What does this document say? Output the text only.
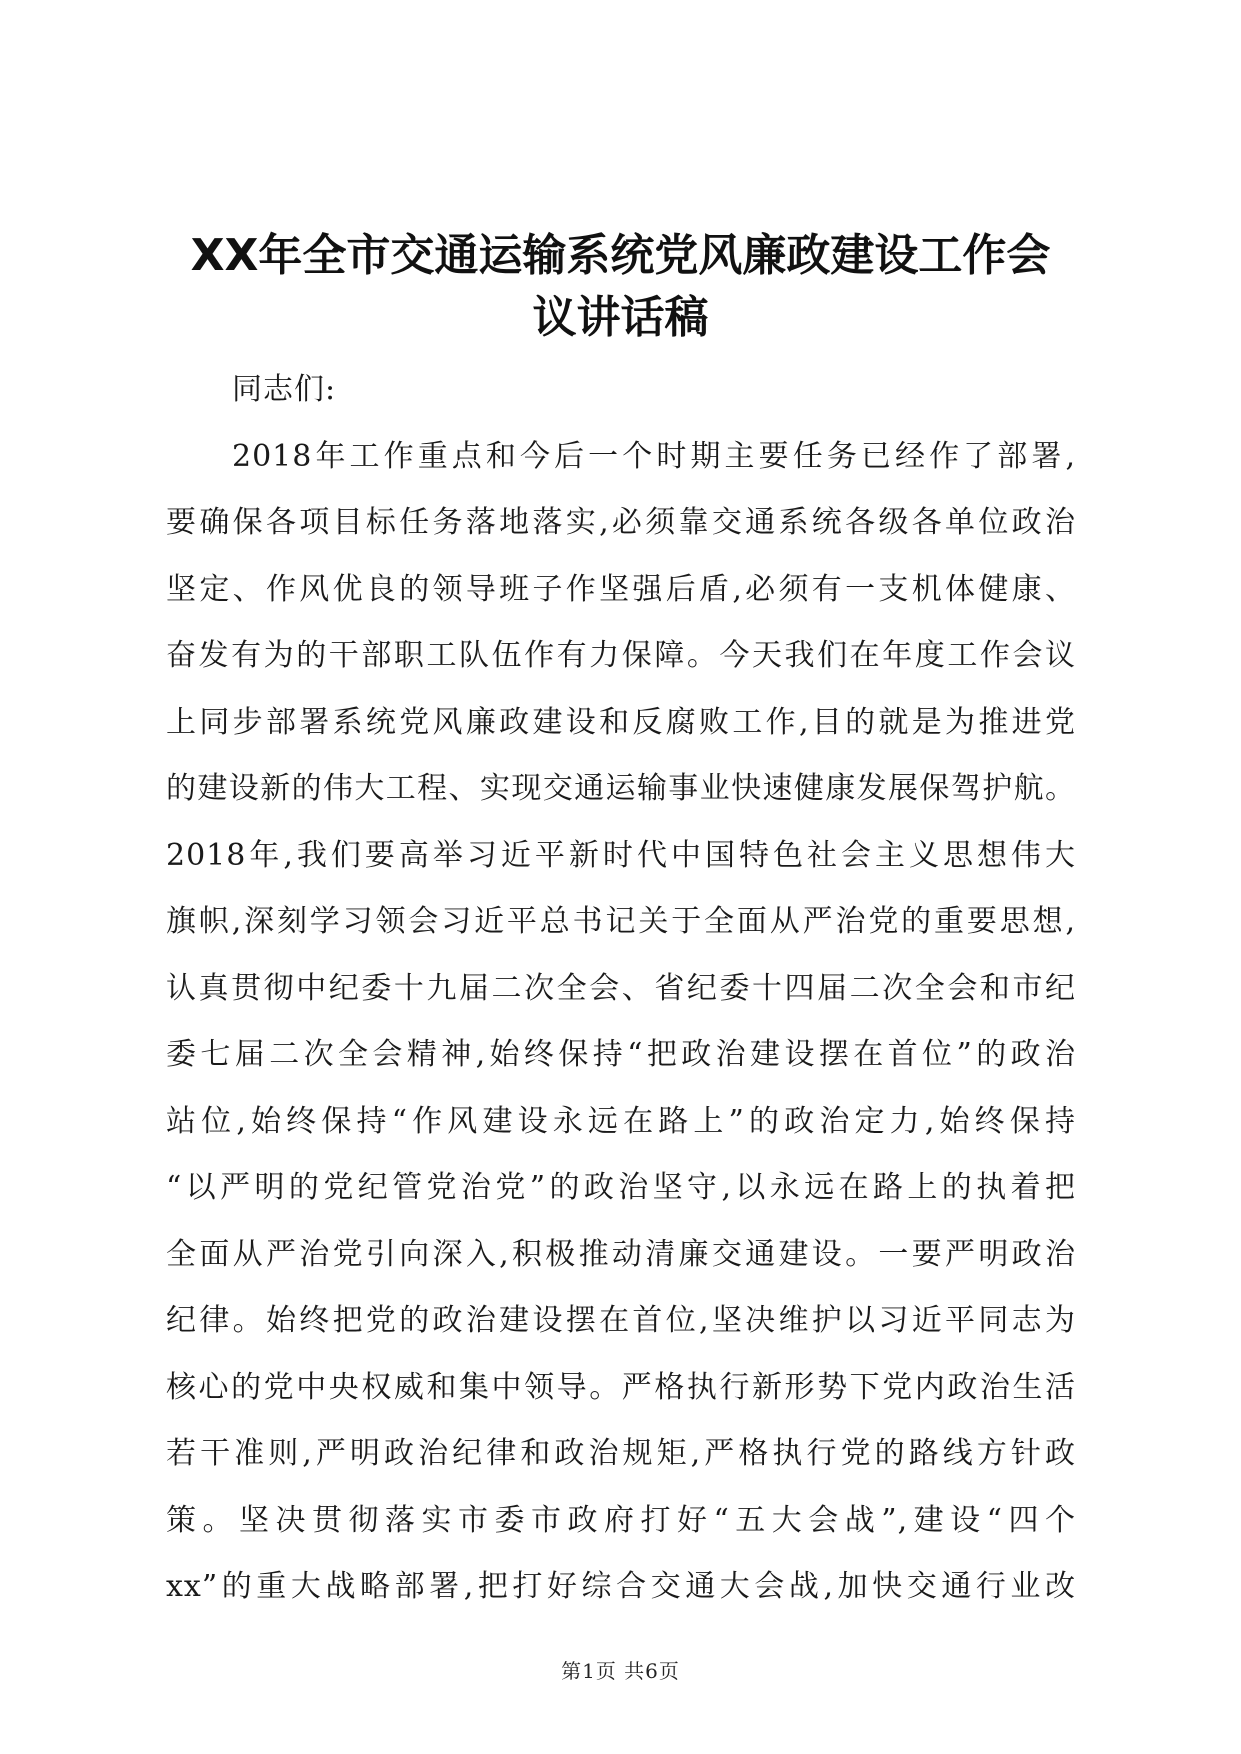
XX年全市交通运输系统党风廉政建设工作会
议讲话稿
同志们:
2018年工作重点和今后一个时期主要任务已经作了部署,
要确保各项目标任务落地落实,必须靠交通系统各级各单位政治
坚定、作风优良的领导班子作坚强后盾,必须有一支机体健康、
奋发有为的干部职工队伍作有力保障。今天我们在年度工作会议
上同步部署系统党风廉政建设和反腐败工作,目的就是为推进党
的建设新的伟大工程、实现交通运输事业快速健康发展保驾护航。
2018年,我们要高举习近平新时代中国特色社会主义思想伟大
旗帜,深刻学习领会习近平总书记关于全面从严治党的重要思想,
认真贯彻中纪委十九届二次全会、省纪委十四届二次全会和市纪
委七届二次全会精神,始终保持“把政治建设摆在首位”的政治
站位,始终保持“作风建设永远在路上”的政治定力,始终保持
“以严明的党纪管党治党”的政治坚守,以永远在路上的执着把
全面从严治党引向深入,积极推动清廉交通建设。一要严明政治
纪律。始终把党的政治建设摆在首位,坚决维护以习近平同志为
核心的党中央权威和集中领导。严格执行新形势下党内政治生活
若干准则,严明政治纪律和政治规矩,严格执行党的路线方针政
策。坚决贯彻落实市委市政府打好“五大会战”,建设“四个
xx”的重大战略部署,把打好综合交通大会战,加快交通行业改
第1页 共6页
